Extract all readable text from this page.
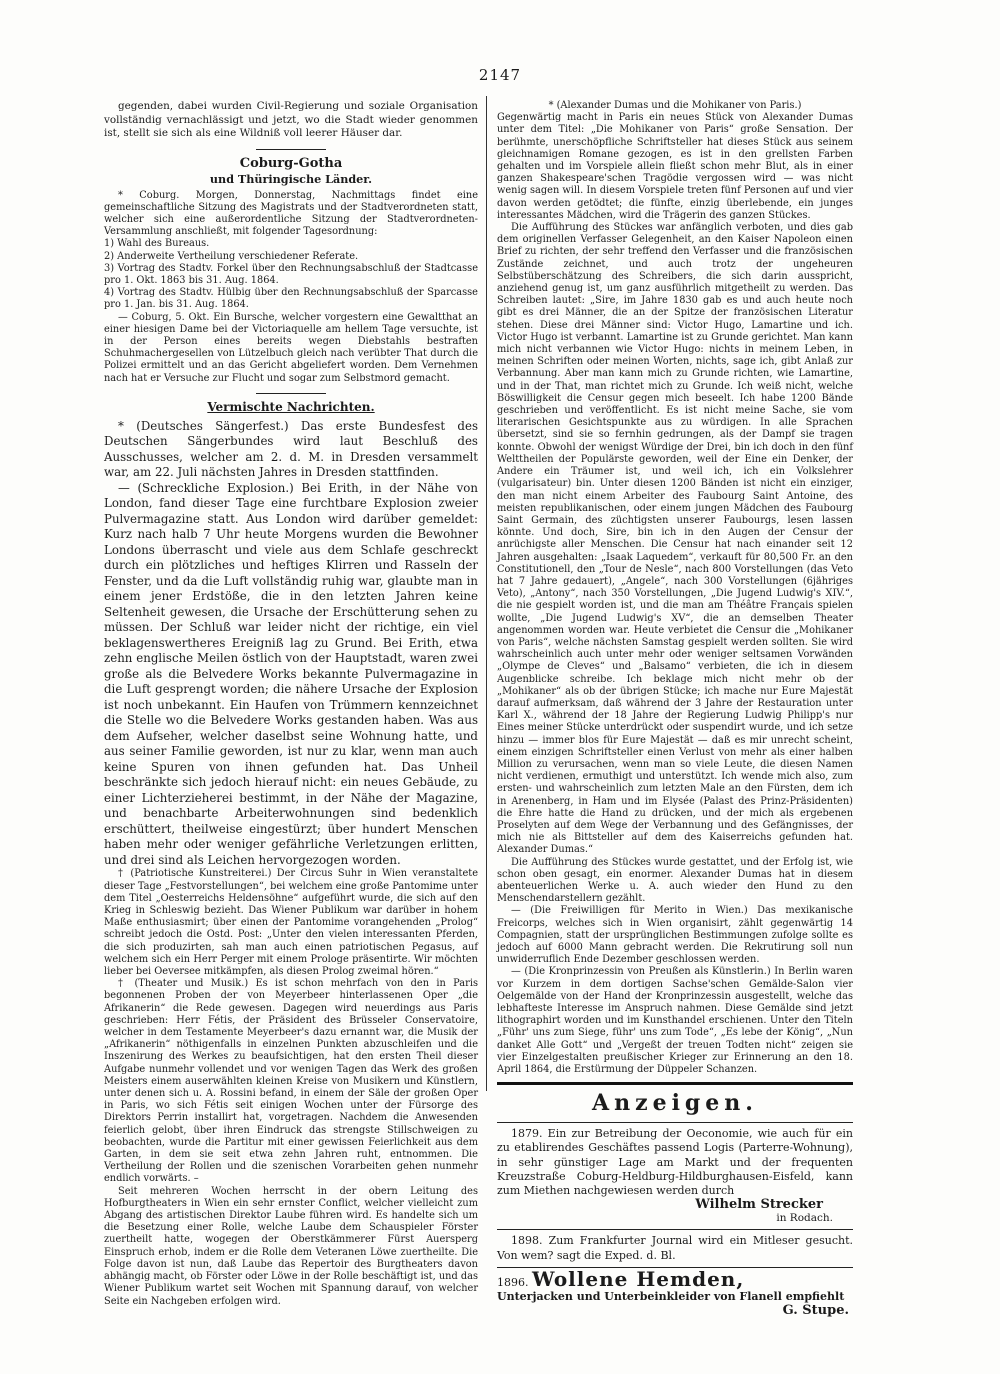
2147

gegenden, dabei wurden Civil-Regierung und soziale Organisation vollständig vernachlässigt und jetzt, wo die Stadt wieder genommen ist, stellt sie sich als eine Wildniß voll leerer Häuser dar.

Coburg-Gotha
und Thüringische Länder.

* Coburg. Morgen, Donnerstag, Nachmittags findet eine gemeinschaftliche Sitzung des Magistrats und der Stadtverordneten statt, welcher sich eine außerordentliche Sitzung der Stadtverordneten-Versammlung anschließt, mit folgender Tagesordnung:

1) Wahl des Bureaus.

2) Anderweite Vertheilung verschiedener Referate.

3) Vortrag des Stadtv. Forkel über den Rechnungsabschluß der Stadtcasse pro 1. Okt. 1863 bis 31. Aug. 1864.

4) Vortrag des Stadtv. Hülbig über den Rechnungsabschluß der Sparcasse pro 1. Jan. bis 31. Aug. 1864.

— Coburg, 5. Okt. Ein Bursche, welcher vorgestern eine Gewaltthat an einer hiesigen Dame bei der Victoriaquelle am hellem Tage versuchte, ist in der Person eines bereits wegen Diebstahls bestraften Schuhmachergesellen von Lützelbuch gleich nach verübter That durch die Polizei ermittelt und an das Gericht abgeliefert worden. Dem Vernehmen nach hat er Versuche zur Flucht und sogar zum Selbstmord gemacht.

Vermischte Nachrichten.

* (Deutsches Sängerfest.) Das erste Bundesfest des Deutschen Sängerbundes wird laut Beschluß des Ausschusses, welcher am 2. d. M. in Dresden versammelt war, am 22. Juli nächsten Jahres in Dresden stattfinden.

— (Schreckliche Explosion.) Bei Erith, in der Nähe von London, fand dieser Tage eine furchtbare Explosion zweier Pulvermagazine statt. Aus London wird darüber gemeldet: Kurz nach halb 7 Uhr heute Morgens wurden die Bewohner Londons überrascht und viele aus dem Schlafe geschreckt durch ein plötzliches und heftiges Klirren und Rasseln der Fenster, und da die Luft vollständig ruhig war, glaubte man in einem jener Erdstöße, die in den letzten Jahren keine Seltenheit gewesen, die Ursache der Erschütterung sehen zu müssen. Der Schluß war leider nicht der richtige, ein viel beklagenswertheres Ereigniß lag zu Grund. Bei Erith, etwa zehn englische Meilen östlich von der Hauptstadt, waren zwei große als die Belvedere Works bekannte Pulvermagazine in die Luft gesprengt worden; die nähere Ursache der Explosion ist noch unbekannt. Ein Haufen von Trümmern kennzeichnet die Stelle wo die Belvedere Works gestanden haben. Was aus dem Aufseher, welcher daselbst seine Wohnung hatte, und aus seiner Familie geworden, ist nur zu klar, wenn man auch keine Spuren von ihnen gefunden hat. Das Unheil beschränkte sich jedoch hierauf nicht: ein neues Gebäude, zu einer Lichterzieherei bestimmt, in der Nähe der Magazine, und benachbarte Arbeiterwohnungen sind bedenklich erschüttert, theilweise eingestürzt; über hundert Menschen haben mehr oder weniger gefährliche Verletzungen erlitten, und drei sind als Leichen hervorgezogen worden.

† (Patriotische Kunstreiterei.) Der Circus Suhr in Wien veranstaltete dieser Tage „Festvorstellungen“, bei welchem eine große Pantomime unter dem Titel „Oesterreichs Heldensöhne“ aufgeführt wurde, die sich auf den Krieg in Schleswig bezieht. Das Wiener Publikum war darüber in hohem Maße enthusiasmirt; über einen der Pantomime vorangehenden „Prolog“ schreibt jedoch die Ostd. Post: „Unter den vielen interessanten Pferden, die sich produzirten, sah man auch einen patriotischen Pegasus, auf welchem sich ein Herr Perger mit einem Prologe präsentirte. Wir möchten lieber bei Oeversee mitkämpfen, als diesen Prolog zweimal hören.“

† (Theater und Musik.) Es ist schon mehrfach von den in Paris begonnenen Proben der von Meyerbeer hinterlassenen Oper „die Afrikanerin“ die Rede gewesen. Dagegen wird neuerdings aus Paris geschrieben: Herr Fétis, der Präsident des Brüsseler Conservatoire, welcher in dem Testamente Meyerbeer's dazu ernannt war, die Musik der „Afrikanerin“ nöthigenfalls in einzelnen Punkten abzuschleifen und die Inszenirung des Werkes zu beaufsichtigen, hat den ersten Theil dieser Aufgabe nunmehr vollendet und vor wenigen Tagen das Werk des großen Meisters einem auserwählten kleinen Kreise von Musikern und Künstlern, unter denen sich u. A. Rossini befand, in einem der Säle der großen Oper in Paris, wo sich Fétis seit einigen Wochen unter der Fürsorge des Direktors Perrin installirt hat, vorgetragen. Nachdem die Anwesenden feierlich gelobt, über ihren Eindruck das strengste Stillschweigen zu beobachten, wurde die Partitur mit einer gewissen Feierlichkeit aus dem Garten, in dem sie seit etwa zehn Jahren ruht, entnommen. Die Vertheilung der Rollen und die szenischen Vorarbeiten gehen nunmehr endlich vorwärts. –

Seit mehreren Wochen herrscht in der obern Leitung des Hofburgtheaters in Wien ein sehr ernster Conflict, welcher vielleicht zum Abgang des artistischen Direktor Laube führen wird. Es handelte sich um die Besetzung einer Rolle, welche Laube dem Schauspieler Förster zuertheilt hatte, wogegen der Oberstkämmerer Fürst Auersperg Einspruch erhob, indem er die Rolle dem Veteranen Löwe zuertheilte. Die Folge davon ist nun, daß Laube das Repertoir des Burgtheaters davon abhängig macht, ob Förster oder Löwe in der Rolle beschäftigt ist, und das Wiener Publikum wartet seit Wochen mit Spannung darauf, von welcher Seite ein Nachgeben erfolgen wird.

* (Alexander Dumas und die Mohikaner von Paris.)

Gegenwärtig macht in Paris ein neues Stück von Alexander Dumas unter dem Titel: „Die Mohikaner von Paris“ große Sensation. Der berühmte, unerschöpfliche Schriftsteller hat dieses Stück aus seinem gleichnamigen Romane gezogen, es ist in den grellsten Farben gehalten und im Vorspiele allein fließt schon mehr Blut, als in einer ganzen Shakespeare'schen Tragödie vergossen wird — was nicht wenig sagen will. In diesem Vorspiele treten fünf Personen auf und vier davon werden getödtet; die fünfte, einzig überlebende, ein junges interessantes Mädchen, wird die Trägerin des ganzen Stückes.

Die Aufführung des Stückes war anfänglich verboten, und dies gab dem originellen Verfasser Gelegenheit, an den Kaiser Napoleon einen Brief zu richten, der sehr treffend den Verfasser und die französischen Zustände zeichnet, und auch trotz der ungeheuren Selbstüberschätzung des Schreibers, die sich darin ausspricht, anziehend genug ist, um ganz ausführlich mitgetheilt zu werden. Das Schreiben lautet: „Sire, im Jahre 1830 gab es und auch heute noch gibt es drei Männer, die an der Spitze der französischen Literatur stehen. Diese drei Männer sind: Victor Hugo, Lamartine und ich. Victor Hugo ist verbannt. Lamartine ist zu Grunde gerichtet. Man kann mich nicht verbannen wie Victor Hugo: nichts in meinem Leben, in meinen Schriften oder meinen Worten, nichts, sage ich, gibt Anlaß zur Verbannung. Aber man kann mich zu Grunde richten, wie Lamartine, und in der That, man richtet mich zu Grunde. Ich weiß nicht, welche Böswilligkeit die Censur gegen mich beseelt. Ich habe 1200 Bände geschrieben und veröffentlicht. Es ist nicht meine Sache, sie vom literarischen Gesichtspunkte aus zu würdigen. In alle Sprachen übersetzt, sind sie so fernhin gedrungen, als der Dampf sie tragen konnte. Obwohl der wenigst Würdige der Drei, bin ich doch in den fünf Welttheilen der Populärste geworden, weil der Eine ein Denker, der Andere ein Träumer ist, und weil ich, ich ein Volkslehrer (vulgarisateur) bin. Unter diesen 1200 Bänden ist nicht ein einziger, den man nicht einem Arbeiter des Faubourg Saint Antoine, des meisten republikanischen, oder einem jungen Mädchen des Faubourg Saint Germain, des züchtigsten unserer Faubourgs, lesen lassen könnte. Und doch, Sire, bin ich in den Augen der Censur der anrüchigste aller Menschen. Die Censur hat nach einander seit 12 Jahren ausgehalten: „Isaak Laquedem“, verkauft für 80,500 Fr. an den Constitutionell, den „Tour de Nesle“, nach 800 Vorstellungen (das Veto hat 7 Jahre gedauert), „Angele“, nach 300 Vorstellungen (6jähriges Veto), „Antony“, nach 350 Vorstellungen, „Die Jugend Ludwig's XIV.“, die nie gespielt worden ist, und die man am Théâtre Français spielen wollte, „Die Jugend Ludwig's XV“, die an demselben Theater angenommen worden war. Heute verbietet die Censur die „Mohikaner von Paris“, welche nächsten Samstag gespielt werden sollten. Sie wird wahrscheinlich auch unter mehr oder weniger seltsamen Vorwänden „Olympe de Cleves“ und „Balsamo“ verbieten, die ich in diesem Augenblicke schreibe. Ich beklage mich nicht mehr ob der „Mohikaner“ als ob der übrigen Stücke; ich mache nur Eure Majestät darauf aufmerksam, daß während der 3 Jahre der Restauration unter Karl X., während der 18 Jahre der Regierung Ludwig Philipp's nur Eines meiner Stücke unterdrückt oder suspendirt wurde, und ich setze hinzu — immer blos für Eure Majestät — daß es mir unrecht scheint, einem einzigen Schriftsteller einen Verlust von mehr als einer halben Million zu verursachen, wenn man so viele Leute, die diesen Namen nicht verdienen, ermuthigt und unterstützt. Ich wende mich also, zum ersten- und wahrscheinlich zum letzten Male an den Fürsten, dem ich in Arenenberg, in Ham und im Elysée (Palast des Prinz-Präsidenten) die Ehre hatte die Hand zu drücken, und der mich als ergebenen Proselyten auf dem Wege der Verbannung und des Gefängnisses, der mich nie als Bittsteller auf dem des Kaiserreichs gefunden hat. Alexander Dumas.“

Die Aufführung des Stückes wurde gestattet, und der Erfolg ist, wie schon oben gesagt, ein enormer. Alexander Dumas hat in diesem abenteuerlichen Werke u. A. auch wieder den Hund zu den Menschendarstellern gezählt.

— (Die Freiwilligen für Merito in Wien.) Das mexikanische Freicorps, welches sich in Wien organisirt, zählt gegenwärtig 14 Compagnien, statt der ursprünglichen Bestimmungen zufolge sollte es jedoch auf 6000 Mann gebracht werden. Die Rekrutirung soll nun unwiderruflich Ende Dezember geschlossen werden.

— (Die Kronprinzessin von Preußen als Künstlerin.) In Berlin waren vor Kurzem in dem dortigen Sachse'schen Gemälde-Salon vier Oelgemälde von der Hand der Kronprinzessin ausgestellt, welche das lebhafteste Interesse im Anspruch nahmen. Diese Gemälde sind jetzt lithographirt worden und im Kunsthandel erschienen. Unter den Titeln „Führ' uns zum Siege, führ' uns zum Tode“, „Es lebe der König“, „Nun danket Alle Gott“ und „Vergeßt der treuen Todten nicht“ zeigen sie vier Einzelgestalten preußischer Krieger zur Erinnerung an den 18. April 1864, die Erstürmung der Düppeler Schanzen.

Anzeigen.

1879. Ein zur Betreibung der Oeconomie, wie auch für ein zu etablirendes Geschäftes passend Logis (Parterre-Wohnung), in sehr günstiger Lage am Markt und der frequenten Kreuzstraße Coburg-Heldburg-Hildburghausen-Eisfeld, kann zum Miethen nachgewiesen werden durch

Wilhelm Strecker
in Rodach.

1898. Zum Frankfurter Journal wird ein Mitleser gesucht. Von wem? sagt die Exped. d. Bl.

1896. Wollene Hemden,

Unterjacken und Unterbeinkleider von Flanell empfiehlt

G. Stupe.
